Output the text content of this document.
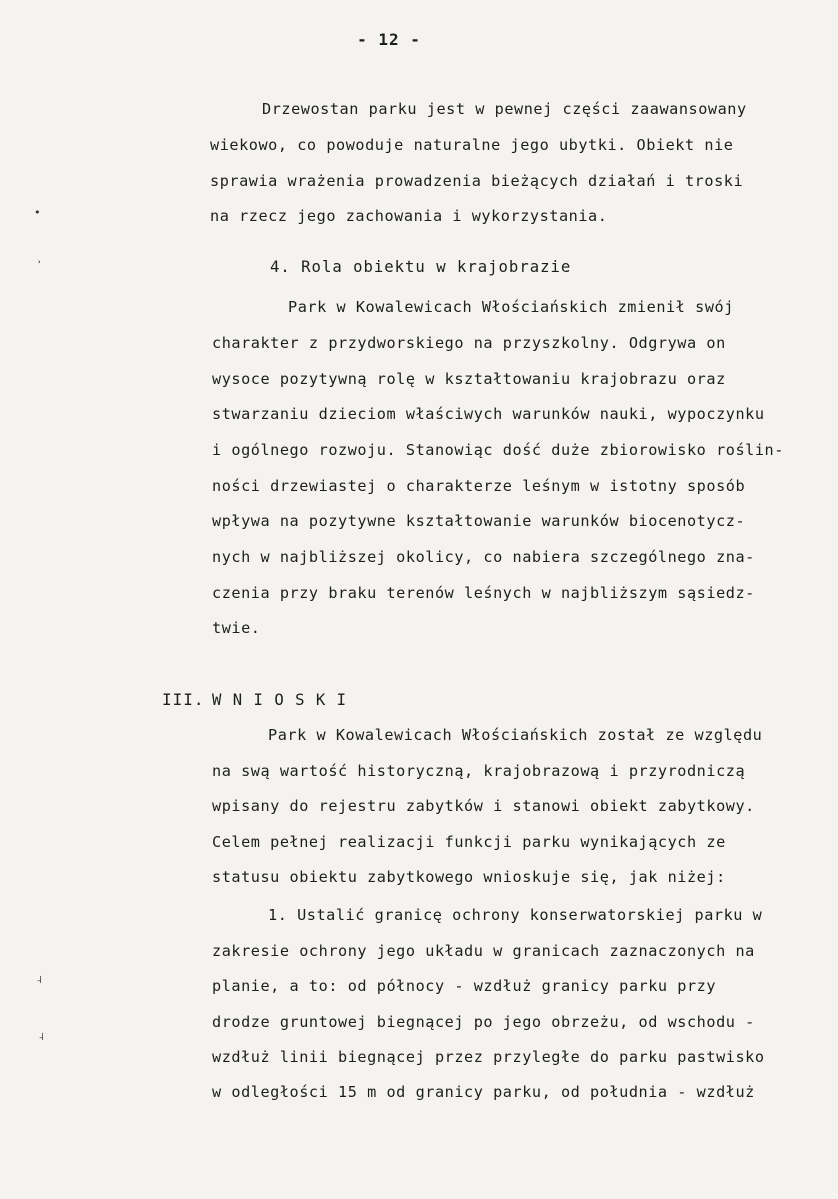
- 12 -
Drzewostan parku jest w pewnej części zaawansowany
wiekowo, co powoduje naturalne jego ubytki. Obiekt nie
sprawia wrażenia prowadzenia bieżących działań i troski
na rzecz jego zachowania i wykorzystania.
4. Rola obiektu w krajobrazie
Park w Kowalewicach Włościańskich zmienił swój
charakter z przydworskiego na przyszkolny. Odgrywa on
wysoce pozytywną rolę w kształtowaniu krajobrazu oraz
stwarzaniu dzieciom właściwych warunków nauki, wypoczynku
i ogólnego rozwoju. Stanowiąc dość duże zbiorowisko roślin-
ności drzewiastej o charakterze leśnym w istotny sposób
wpływa na pozytywne kształtowanie warunków biocenotycz-
nych w najbliższej okolicy, co nabiera szczególnego zna-
czenia przy braku terenów leśnych w najbliższym sąsiedz-
twie.
III. W N I O S K I
Park w Kowalewicach Włościańskich został ze względu
na swą wartość historyczną, krajobrazową i przyrodniczą
wpisany do rejestru zabytków i stanowi obiekt zabytkowy.
Celem pełnej realizacji funkcji parku wynikających ze
statusu obiektu zabytkowego wnioskuje się, jak niżej:
1. Ustalić granicę ochrony konserwatorskiej parku w
zakresie ochrony jego układu w granicach zaznaczonych na
planie, a to: od północy - wzdłuż granicy parku przy
drodze gruntowej biegnącej po jego obrzeżu, od wschodu -
wzdłuż linii biegnącej przez przyległe do parku pastwisko
w odległości 15 m od granicy parku, od południa - wzdłuż
•
˒
˨
˨
